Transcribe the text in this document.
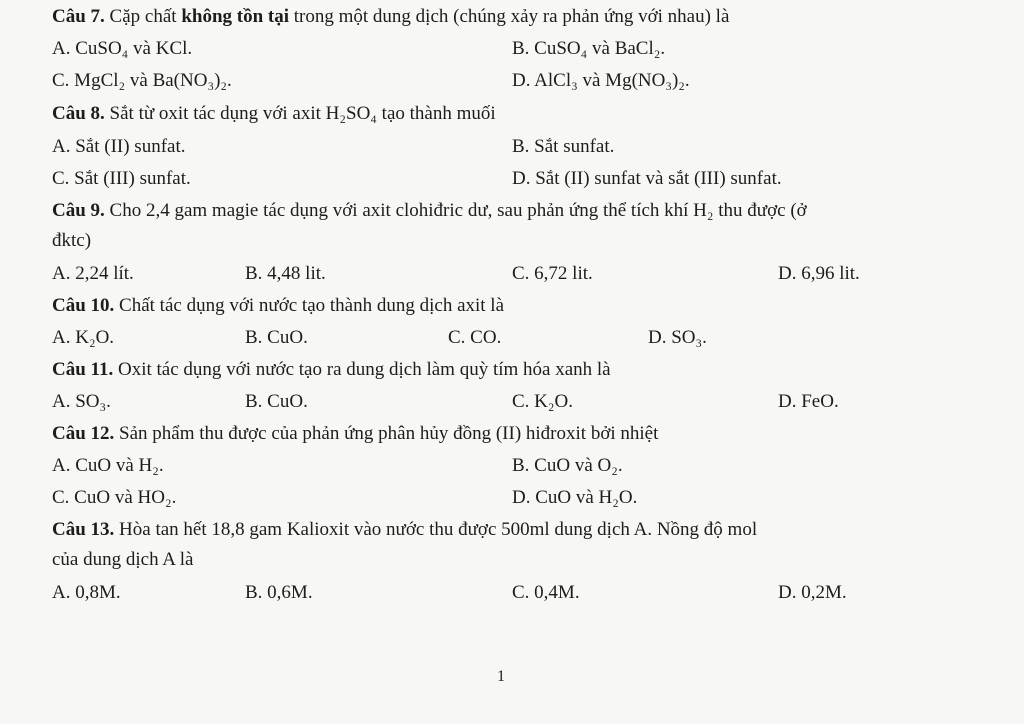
Câu 7. Cặp chất không tồn tại trong một dung dịch (chúng xảy ra phản ứng với nhau) là
A. CuSO₄ và KCl.	B. CuSO₄ và BaCl₂.
C. MgCl₂ và Ba(NO₃)₂.	D. AlCl₃ và Mg(NO₃)₂.
Câu 8. Sắt từ oxit tác dụng với axit H₂SO₄ tạo thành muối
A. Sắt (II) sunfat.	B. Sắt sunfat.
C. Sắt (III) sunfat.	D. Sắt (II) sunfat và sắt (III) sunfat.
Câu 9. Cho 2,4 gam magie tác dụng với axit clohiđric dư, sau phản ứng thể tích khí H₂ thu được (ở
đktc)
A. 2,24 lít.	B. 4,48 lit.	C. 6,72 lit.	D. 6,96 lit.
Câu 10. Chất tác dụng với nước tạo thành dung dịch axit là
A. K₂O.	B. CuO.	C. CO.	D. SO₃.
Câu 11. Oxit tác dụng với nước tạo ra dung dịch làm quỳ tím hóa xanh là
A. SO₃.	B. CuO.	C. K₂O.	D. FeO.
Câu 12. Sản phẩm thu được của phản ứng phân hủy đồng (II) hiđroxit bởi nhiệt
A. CuO và H₂.	B. CuO và O₂.
C. CuO và HO₂.	D. CuO và H₂O.
Câu 13. Hòa tan hết 18,8 gam Kalioxit vào nước thu được 500ml dung dịch A. Nồng độ mol
của dung dịch A là
A. 0,8M.	B. 0,6M.	C. 0,4M.	D. 0,2M.
1
